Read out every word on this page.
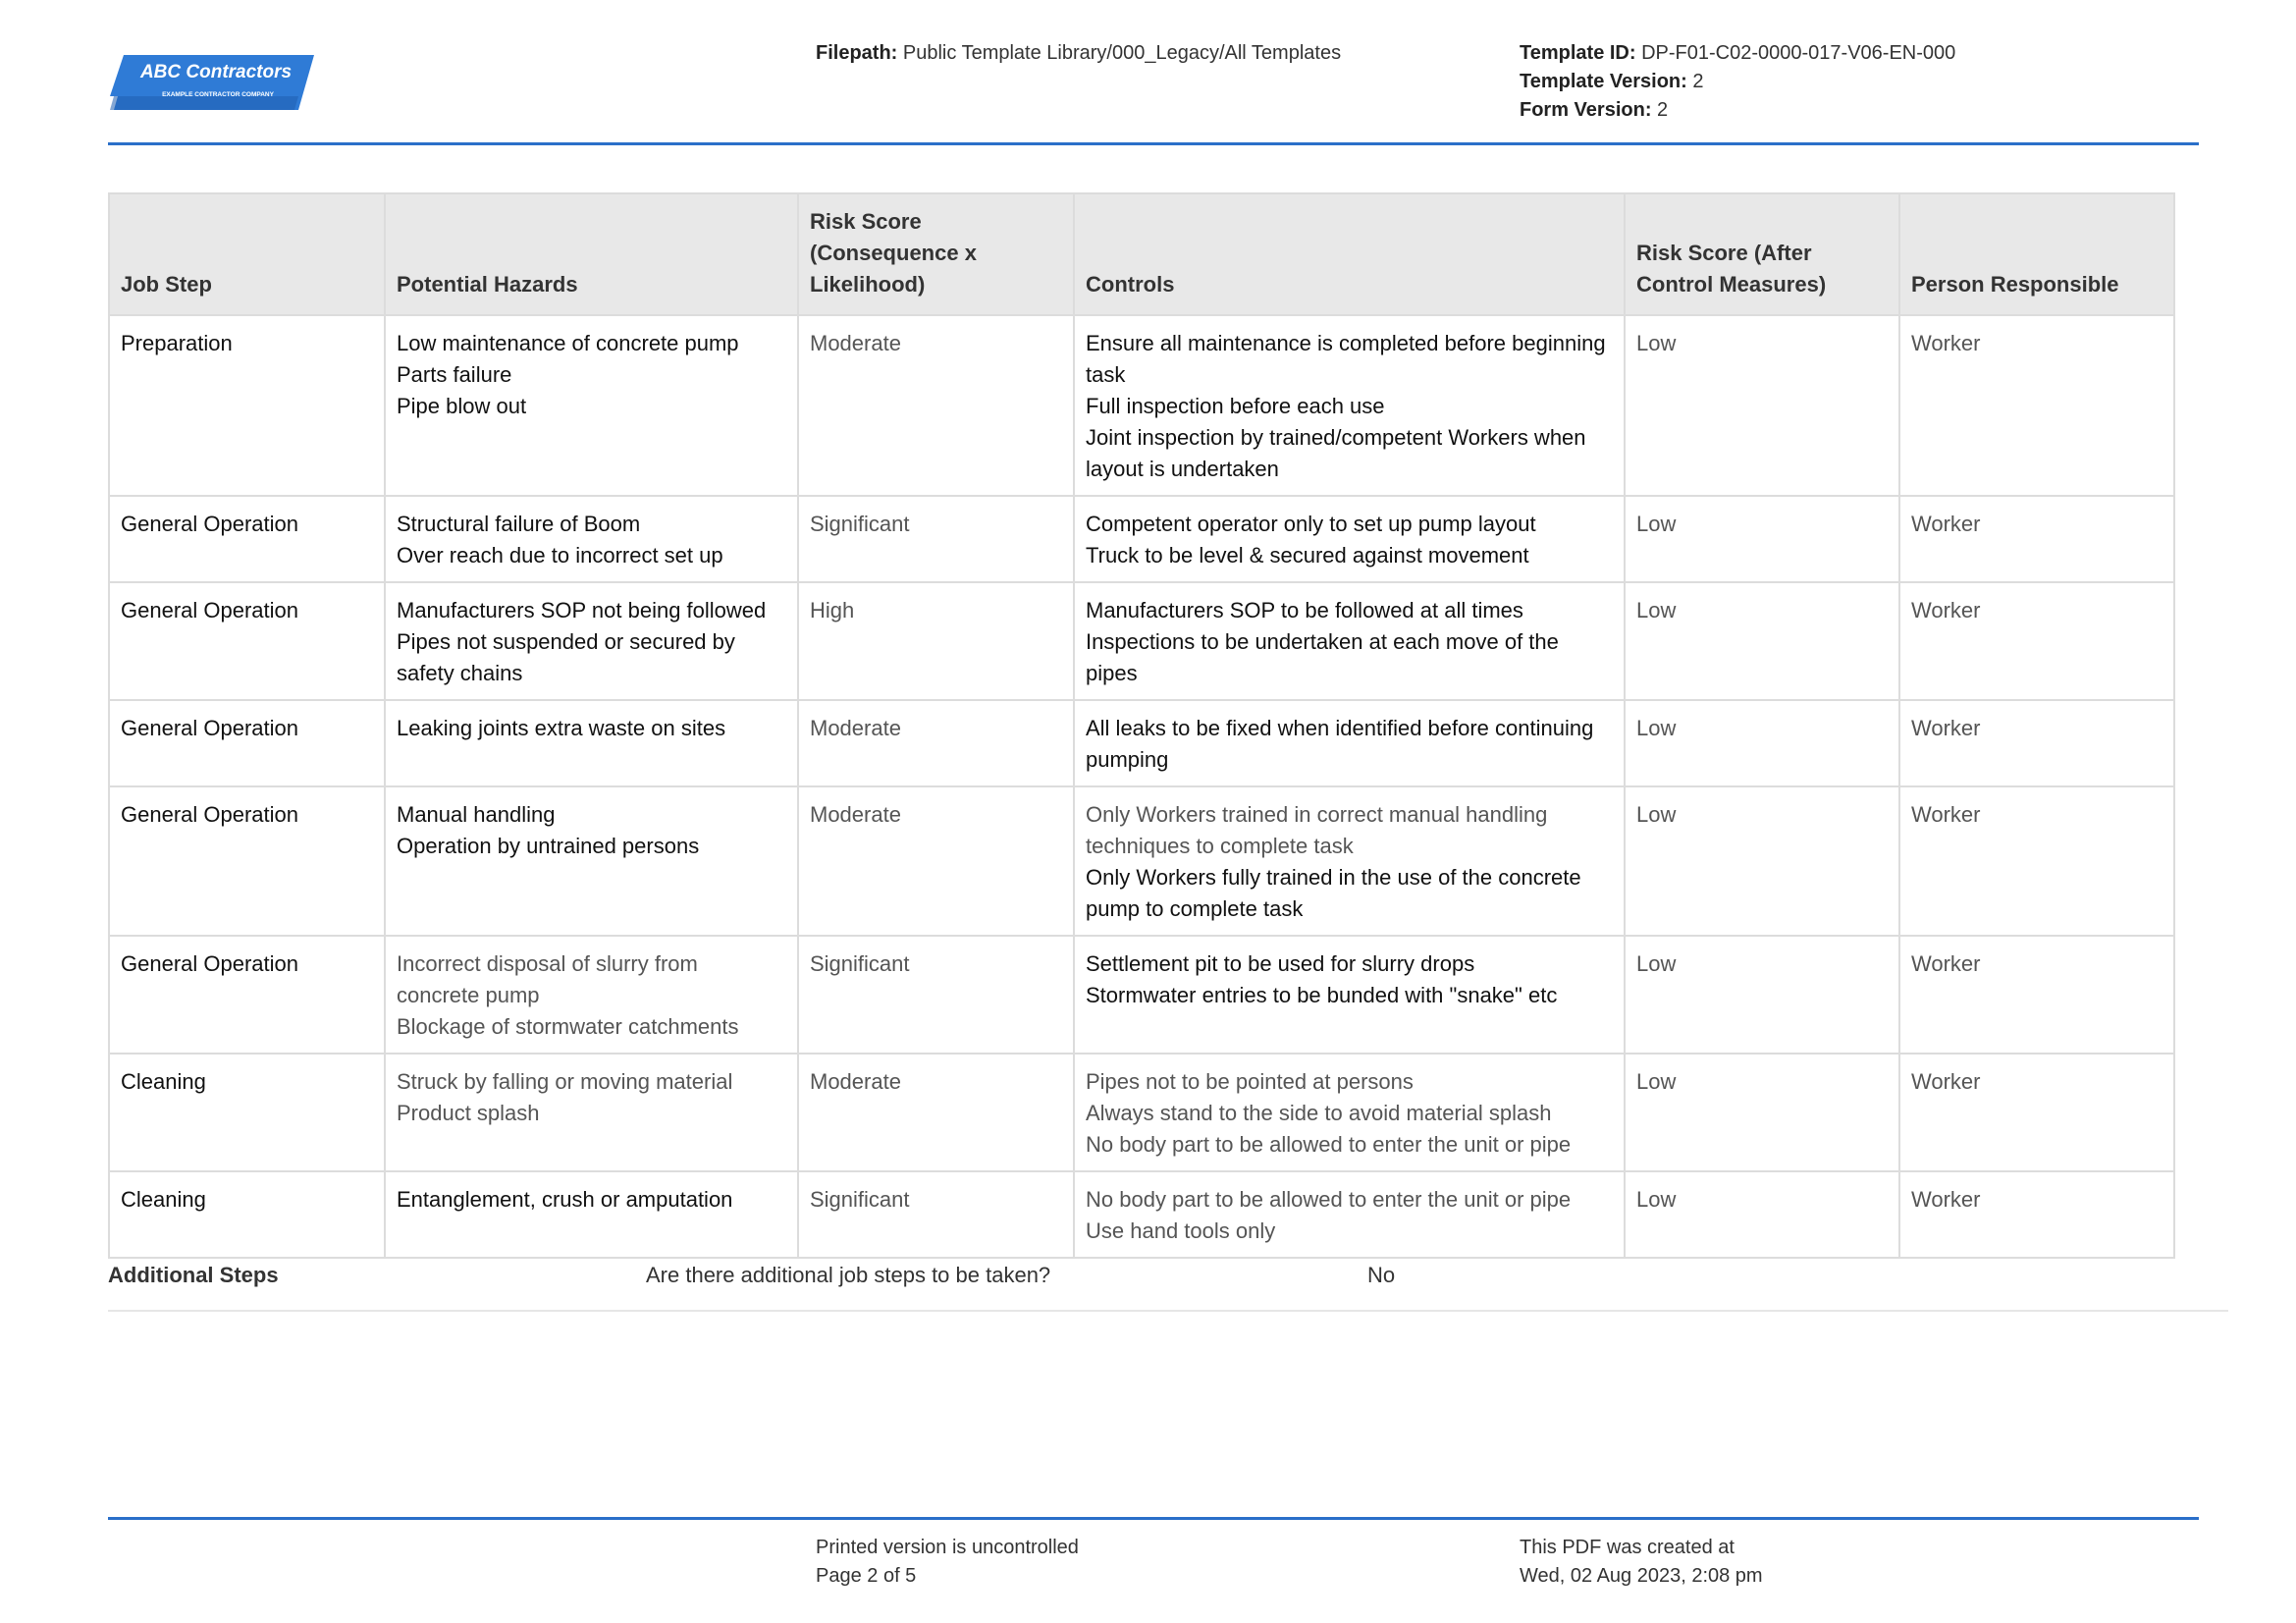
ABC Contractors
EXAMPLE CONTRACTOR COMPANY
Filepath: Public Template Library/000_Legacy/All Templates	Template ID: DP-F01-C02-0000-017-V06-EN-000
Template Version: 2
Form Version: 2
Job Step	Potential Hazards	Risk Score
(Consequence x
Likelihood)	Controls	Risk Score (After
Control Measures)	Person Responsible
Preparation	Low maintenance of concrete pump
Parts failure
Pipe blow out	Moderate	Ensure all maintenance is completed before beginning task
Full inspection before each use
Joint inspection by trained/competent Workers when layout is undertaken	Low	Worker
General Operation	Structural failure of Boom
Over reach due to incorrect set up	Significant	Competent operator only to set up pump layout
Truck to be level & secured against movement	Low	Worker
General Operation	Manufacturers SOP not being followed
Pipes not suspended or secured by safety chains	High	Manufacturers SOP to be followed at all times
Inspections to be undertaken at each move of the pipes	Low	Worker
General Operation	Leaking joints extra waste on sites	Moderate	All leaks to be fixed when identified before continuing pumping	Low	Worker
General Operation	Manual handling
Operation by untrained persons	Moderate	Only Workers trained in correct manual handling techniques to complete task
Only Workers fully trained in the use of the concrete pump to complete task	Low	Worker
General Operation	Incorrect disposal of slurry from concrete pump
Blockage of stormwater catchments	Significant	Settlement pit to be used for slurry drops
Stormwater entries to be bunded with "snake" etc	Low	Worker
Cleaning	Struck by falling or moving material
Product splash	Moderate	Pipes not to be pointed at persons
Always stand to the side to avoid material splash
No body part to be allowed to enter the unit or pipe	Low	Worker
Cleaning	Entanglement, crush or amputation	Significant	No body part to be allowed to enter the unit or pipe
Use hand tools only	Low	Worker
Additional Steps	Are there additional job steps to be taken?	No
Printed version is uncontrolled
Page 2 of 5
This PDF was created at
Wed, 02 Aug 2023, 2:08 pm
